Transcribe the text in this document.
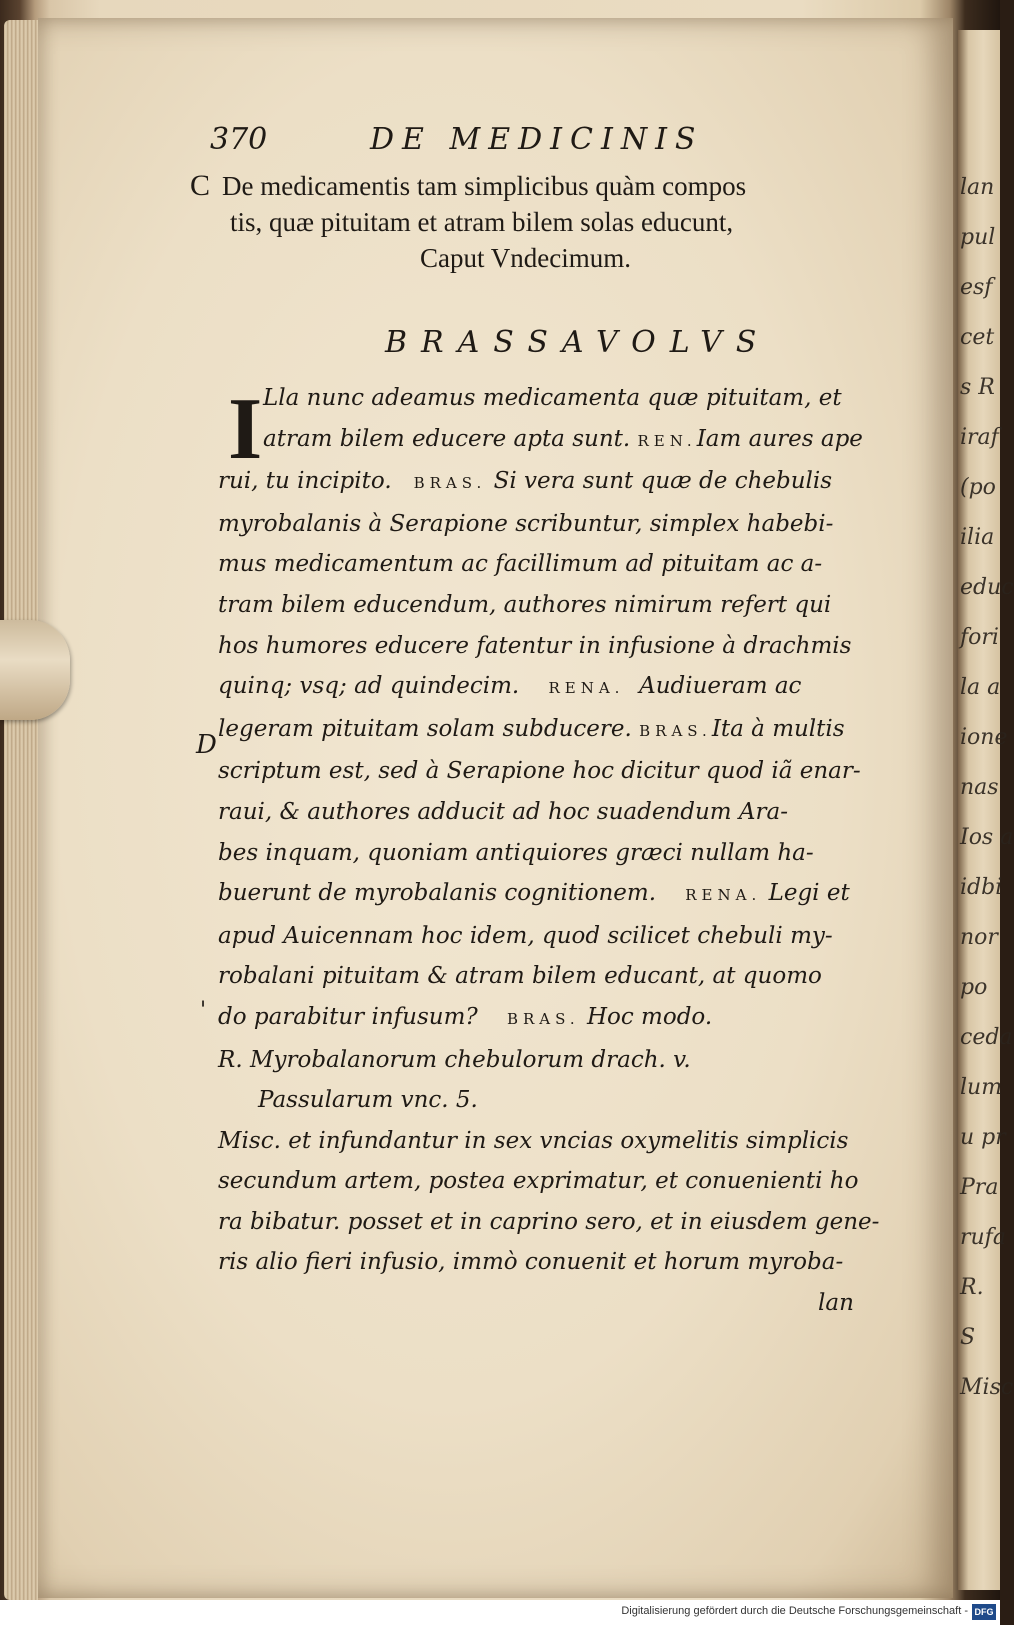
lan
pul
esf
cet
s R
iraf
(po
ilia
educ
fori
la a
ione
nas
Ios a
idbi
nor
po
ceda
lum
u pr
Pra
rufa
R.
S
Misc
370	DE MEDICINIS
C De medicamentis tam simplicibus quàm compos
tis, quæ pituitam et atram bilem solas educunt,
Caput Vndecimum.
BRASSAVOLVS
I Lla nunc adeamus medicamenta quæ pituitam, et
atram bilem educere apta sunt. REN.Iam aures ape
rui, tu incipito. BRAS. Si vera sunt quæ de chebulis
myrobalanis à Serapione scribuntur, simplex habebi-
mus medicamentum ac facillimum ad pituitam ac a-
tram bilem educendum, authores nimirum refert qui
hos humores educere fatentur in infusione à drachmis
quinq; vsq; ad quindecim. RENA. Audiueram ac
legeram pituitam solam subducere. BRAS.Ita à multis
scriptum est, sed à Serapione hoc dicitur quod iã enar-
raui, & authores adducit ad hoc suadendum Ara-
bes inquam, quoniam antiquiores græci nullam ha-
buerunt de myrobalanis cognitionem. RENA. Legi et
apud Auicennam hoc idem, quod scilicet chebuli my-
robalani pituitam & atram bilem educant, at quomo
do parabitur infusum? BRAS. Hoc modo.
R. Myrobalanorum chebulorum drach. v.
Passularum vnc. 5.
Misc. et infundantur in sex vncias oxymelitis simplicis
secundum artem, postea exprimatur, et conuenienti ho
ra bibatur. posset et in caprino sero, et in eiusdem gene-
ris alio fieri infusio, immò conuenit et horum myroba-
lan
D
'
Digitalisierung gefördert durch die Deutsche Forschungsgemeinschaft - DFG
